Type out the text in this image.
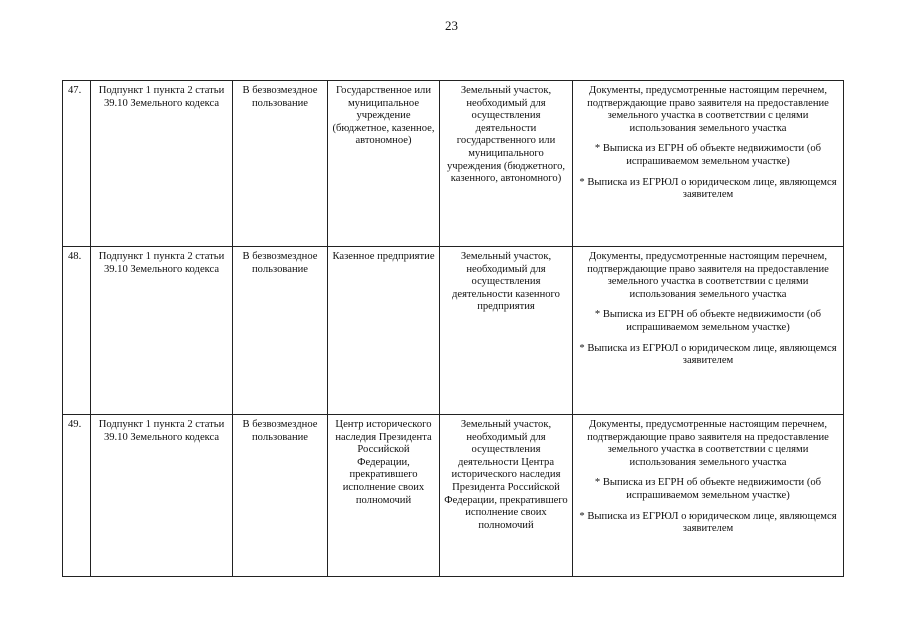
23
47.	Подпункт 1 пункта 2 статьи 39.10 Земельного кодекса	В безвозмездное пользование	Государственное или муниципальное учреждение (бюджетное, казенное, автономное)	Земельный участок, необходимый для осуществления деятельности государственного или муниципального учреждения (бюджетного, казенного, автономного)	Документы, предусмотренные настоящим перечнем, подтверждающие право заявителя на предоставление земельного участка в соответствии с целями использования земельного участка
* Выписка из ЕГРН об объекте недвижимости (об испрашиваемом земельном участке)
* Выписка из ЕГРЮЛ о юридическом лице, являющемся заявителем

48.	Подпункт 1 пункта 2 статьи 39.10 Земельного кодекса	В безвозмездное пользование	Казенное предприятие	Земельный участок, необходимый для осуществления деятельности казенного предприятия	Документы, предусмотренные настоящим перечнем, подтверждающие право заявителя на предоставление земельного участка в соответствии с целями использования земельного участка
* Выписка из ЕГРН об объекте недвижимости (об испрашиваемом земельном участке)
* Выписка из ЕГРЮЛ о юридическом лице, являющемся заявителем

49.	Подпункт 1 пункта 2 статьи 39.10 Земельного кодекса	В безвозмездное пользование	Центр исторического наследия Президента Российской Федерации, прекратившего исполнение своих полномочий	Земельный участок, необходимый для осуществления деятельности Центра исторического наследия Президента Российской Федерации, прекратившего исполнение своих полномочий	Документы, предусмотренные настоящим перечнем, подтверждающие право заявителя на предоставление земельного участка в соответствии с целями использования земельного участка
* Выписка из ЕГРН об объекте недвижимости (об испрашиваемом земельном участке)
* Выписка из ЕГРЮЛ о юридическом лице, являющемся заявителем
